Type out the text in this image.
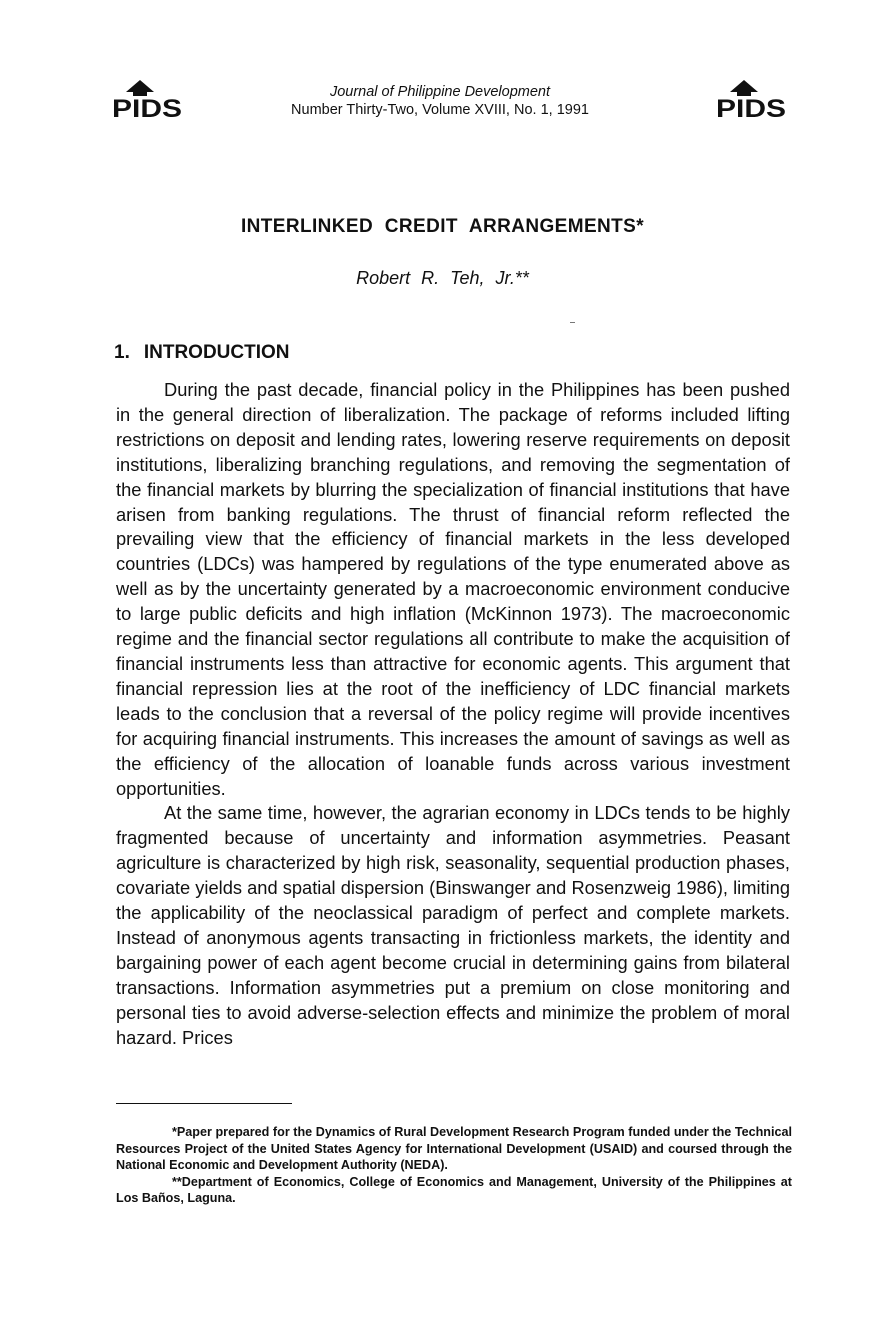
PIDS
Journal of Philippine Development
Number Thirty-Two, Volume XVIII, No. 1, 1991	PIDS
INTERLINKED CREDIT ARRANGEMENTS*
Robert R. Teh, Jr.**
1. INTRODUCTION

During the past decade, financial policy in the Philippines has been pushed in the general direction of liberalization. The package of reforms included lifting restrictions on deposit and lending rates, lowering reserve requirements on deposit institutions, liberalizing branching regulations, and removing the segmentation of the financial markets by blurring the specialization of financial institutions that have arisen from banking regulations. The thrust of financial reform reflected the prevailing view that the efficiency of financial markets in the less developed countries (LDCs) was hampered by regulations of the type enumerated above as well as by the uncertainty generated by a macroeconomic environment conducive to large public deficits and high inflation (McKinnon 1973). The macroeconomic regime and the financial sector regulations all contribute to make the acquisition of financial instruments less than attractive for economic agents. This argument that financial repression lies at the root of the inefficiency of LDC financial markets leads to the conclusion that a reversal of the policy regime will provide incentives for acquiring financial instruments. This increases the amount of savings as well as the efficiency of the allocation of loanable funds across various investment opportunities.

At the same time, however, the agrarian economy in LDCs tends to be highly fragmented because of uncertainty and information asymmetries. Peasant agriculture is characterized by high risk, seasonality, sequential production phases, covariate yields and spatial dispersion (Binswanger and Rosenzweig 1986), limiting the applicability of the neoclassical paradigm of perfect and complete markets. Instead of anonymous agents transacting in frictionless markets, the identity and bargaining power of each agent become crucial in determining gains from bilateral transactions. Information asymmetries put a premium on close monitoring and personal ties to avoid adverse-selection effects and minimize the problem of moral hazard. Prices

*Paper prepared for the Dynamics of Rural Development Research Program funded under the Technical Resources Project of the United States Agency for International Development (USAID) and coursed through the National Economic and Development Authority (NEDA).

**Department of Economics, College of Economics and Management, University of the Philippines at Los Baños, Laguna.
